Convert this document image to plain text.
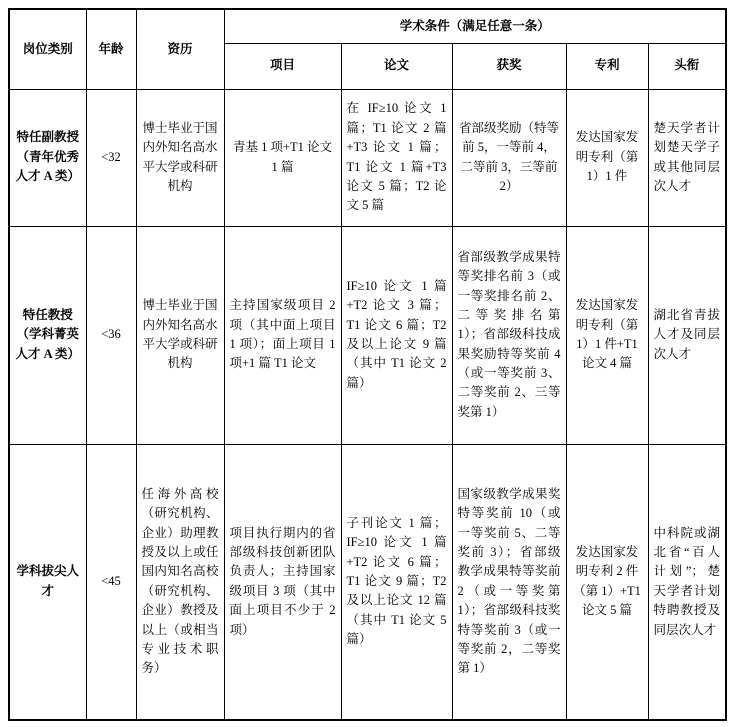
岗位类别	年龄	资历	学术条件（满足任意一条）				
			项目	论文	获奖	专利	头衔
特任副教授（青年优秀人才 A 类）	<32	博士毕业于国内外知名高水平大学或科研机构	青基 1 项+T1 论文 1 篇	在 IF≥10 论文 1 篇；T1 论文 2 篇+T3 论文 1 篇；T1 论文 1 篇+T3 论文 5 篇；T2 论文 5 篇	省部级奖励（特等前 5，一等前 4，二等前 3，三等前 2）	发达国家发明专利（第 1）1 件	楚天学者计划楚天学子或其他同层次人才
特任教授（学科菁英人才 A 类）	<36	博士毕业于国内外知名高水平大学或科研机构	主持国家级项目 2 项（其中面上项目 1 项）；面上项目 1 项+1 篇 T1 论文	IF≥10 论文 1 篇+T2 论文 3 篇；T1 论文 6 篇；T2 及以上论文 9 篇（其中 T1 论文 2 篇）	省部级教学成果特等奖排名前 3（或一等奖排名前 2、二等奖排名第 1）；省部级科技成果奖励特等奖前 4（或一等奖前 3、二等奖前 2、三等奖第 1）	发达国家发明专利（第 1）1 件+T1 论文 4 篇	湖北省青拔人才及同层次人才
学科拔尖人才	<45	任海外高校（研究机构、企业）助理教授及以上或任国内知名高校（研究机构、企业）教授及以上（或相当专业技术职务）	项目执行期内的省部级科技创新团队负责人；主持国家级项目 3 项（其中面上项目不少于 2 项）	子刊论文 1 篇；IF≥10 论文 1 篇+T2 论文 6 篇；T1 论文 9 篇；T2 及以上论文 12 篇（其中 T1 论文 5 篇）	国家级教学成果奖特等奖前 10（或一等奖前 5、二等奖前 3）；省部级教学成果特等奖前 2（或一等奖第 1）；省部级科技奖特等奖前 3（或一等奖前 2，二等奖第 1）	发达国家发明专利 2 件（第 1）+T1 论文 5 篇	中科院或湖北省“百人计划”；楚天学者计划特聘教授及同层次人才
